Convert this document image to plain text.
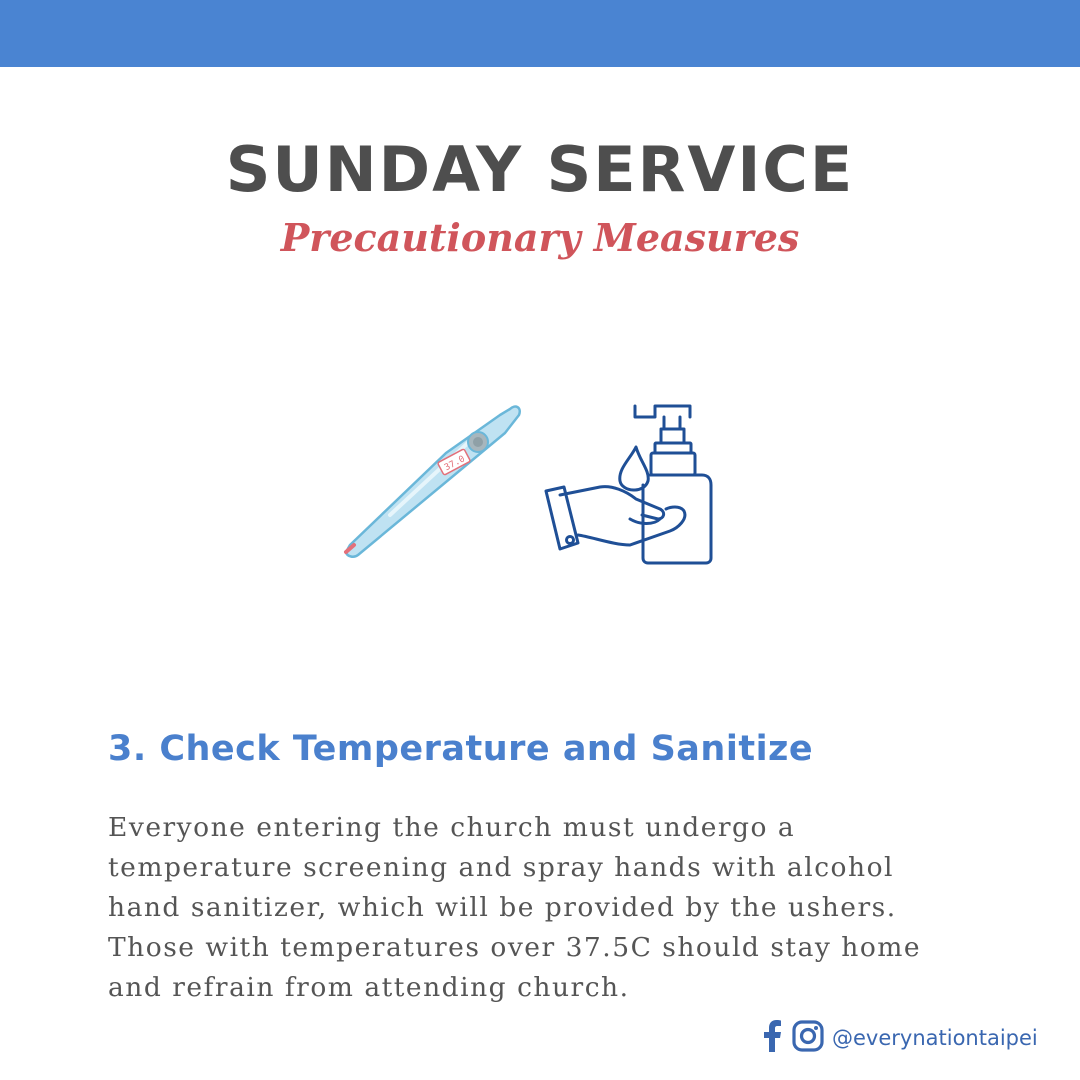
SUNDAY SERVICE
Precautionary Measures
37.0
3. Check Temperature and Sanitize

Everyone entering the church must undergo a
temperature screening and spray hands with alcohol
hand sanitizer, which will be provided by the ushers.
Those with temperatures over 37.5C should stay home
and refrain from attending church.

@everynationtaipei
